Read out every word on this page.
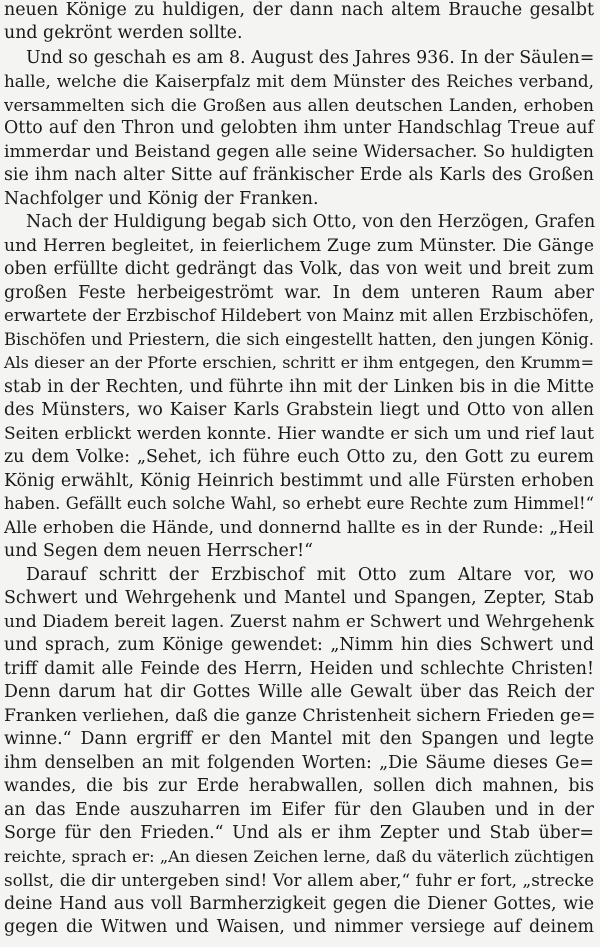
neuen Könige zu huldigen, der dann nach altem Brauche gesalbt
und gekrönt werden sollte.
Und so geschah es am 8. August des Jahres 936. In der Säulen=
halle, welche die Kaiserpfalz mit dem Münster des Reiches verband,
versammelten sich die Großen aus allen deutschen Landen, erhoben
Otto auf den Thron und gelobten ihm unter Handschlag Treue auf
immerdar und Beistand gegen alle seine Widersacher. So huldigten
sie ihm nach alter Sitte auf fränkischer Erde als Karls des Großen
Nachfolger und König der Franken.
Nach der Huldigung begab sich Otto, von den Herzögen, Grafen
und Herren begleitet, in feierlichem Zuge zum Münster. Die Gänge
oben erfüllte dicht gedrängt das Volk, das von weit und breit zum
großen Feste herbeigeströmt war. In dem unteren Raum aber
erwartete der Erzbischof Hildebert von Mainz mit allen Erzbischöfen,
Bischöfen und Priestern, die sich eingestellt hatten, den jungen König.
Als dieser an der Pforte erschien, schritt er ihm entgegen, den Krumm=
stab in der Rechten, und führte ihn mit der Linken bis in die Mitte
des Münsters, wo Kaiser Karls Grabstein liegt und Otto von allen
Seiten erblickt werden konnte. Hier wandte er sich um und rief laut
zu dem Volke: „Sehet, ich führe euch Otto zu, den Gott zu eurem
König erwählt, König Heinrich bestimmt und alle Fürsten erhoben
haben. Gefällt euch solche Wahl, so erhebt eure Rechte zum Himmel!“
Alle erhoben die Hände, und donnernd hallte es in der Runde: „Heil
und Segen dem neuen Herrscher!“
Darauf schritt der Erzbischof mit Otto zum Altare vor, wo
Schwert und Wehrgehenk und Mantel und Spangen, Zepter, Stab
und Diadem bereit lagen. Zuerst nahm er Schwert und Wehrgehenk
und sprach, zum Könige gewendet: „Nimm hin dies Schwert und
triff damit alle Feinde des Herrn, Heiden und schlechte Christen!
Denn darum hat dir Gottes Wille alle Gewalt über das Reich der
Franken verliehen, daß die ganze Christenheit sichern Frieden ge=
winne.“ Dann ergriff er den Mantel mit den Spangen und legte
ihm denselben an mit folgenden Worten: „Die Säume dieses Ge=
wandes, die bis zur Erde herabwallen, sollen dich mahnen, bis
an das Ende auszuharren im Eifer für den Glauben und in der
Sorge für den Frieden.“ Und als er ihm Zepter und Stab über=
reichte, sprach er: „An diesen Zeichen lerne, daß du väterlich züchtigen
sollst, die dir untergeben sind! Vor allem aber,“ fuhr er fort, „strecke
deine Hand aus voll Barmherzigkeit gegen die Diener Gottes, wie
gegen die Witwen und Waisen, und nimmer versiege auf deinem
